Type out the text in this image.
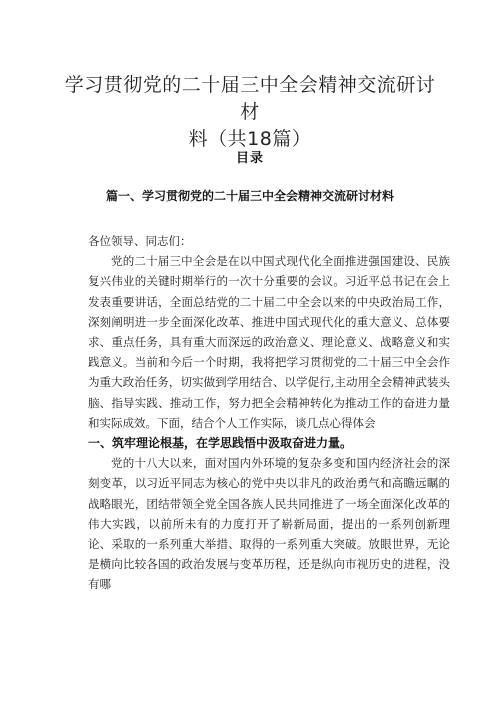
学习贯彻党的二十届三中全会精神交流研讨材
料（共18篇）
目录
篇一、学习贯彻党的二十届三中全会精神交流研讨材料

各位领导、同志们：

党的二十届三中全会是在以中国式现代化全面推进强国建设、民族复兴伟业的关键时期举行的一次十分重要的会议。习近平总书记在会上发表重要讲话，全面总结党的二十届二中全会以来的中央政治局工作，深刻阐明进一步全面深化改革、推进中国式现代化的重大意义、总体要求、重点任务，具有重大而深远的政治意义、理论意义、战略意义和实践意义。当前和今后一个时期，我将把学习贯彻党的二十届三中全会作为重大政治任务，切实做到学用结合、以学促行,主动用全会精神武装头脑、指导实践、推动工作，努力把全会精神转化为推动工作的奋进力量和实际成效。下面，结合个人工作实际，谈几点心得体会

一、筑牢理论根基，在学思践悟中汲取奋进力量。

党的十八大以来，面对国内外环境的复杂多变和国内经济社会的深刻变革，以习近平同志为核心的党中央以非凡的政治勇气和高瞻远瞩的战略眼光，团结带领全党全国各族人民共同推进了一场全面深化改革的伟大实践，以前所未有的力度打开了崭新局面，提出的一系列创新理论、采取的一系列重大举措、取得的一系列重大突破。放眼世界，无论是横向比较各国的政治发展与变革历程，还是纵向市视历史的进程，没有哪
